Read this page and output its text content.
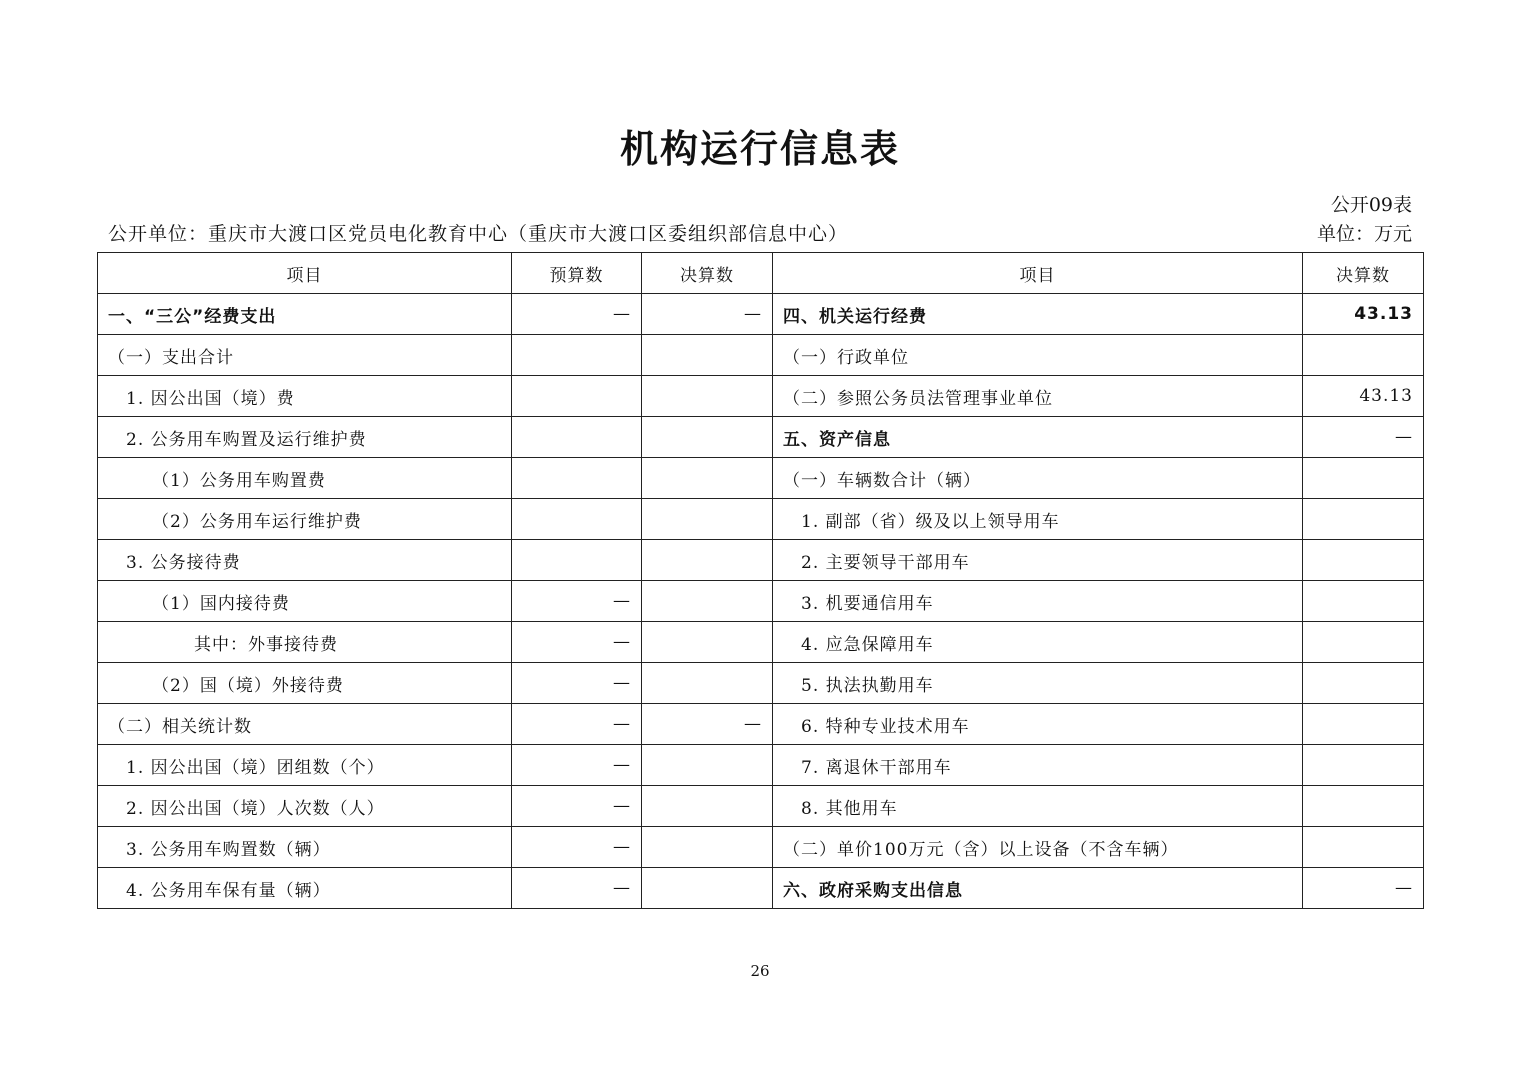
机构运行信息表
公开09表
公开单位：重庆市大渡口区党员电化教育中心（重庆市大渡口区委组织部信息中心）	单位：万元
项目	预算数	决算数	项目	决算数
一、“三公”经费支出	—	—	四、机关运行经费	43.13
（一）支出合计			（一）行政单位	
1. 因公出国（境）费			（二）参照公务员法管理事业单位	43.13
2. 公务用车购置及运行维护费			五、资产信息	—
（1）公务用车购置费			（一）车辆数合计（辆）	
（2）公务用车运行维护费			1. 副部（省）级及以上领导用车	
3. 公务接待费			2. 主要领导干部用车	
（1）国内接待费	—		3. 机要通信用车	
其中：外事接待费	—		4. 应急保障用车	
（2）国（境）外接待费	—		5. 执法执勤用车	
（二）相关统计数	—	—	6. 特种专业技术用车	
1. 因公出国（境）团组数（个）	—		7. 离退休干部用车	
2. 因公出国（境）人次数（人）	—		8. 其他用车	
3. 公务用车购置数（辆）	—		（二）单价100万元（含）以上设备（不含车辆）	
4. 公务用车保有量（辆）	—		六、政府采购支出信息	—
26
